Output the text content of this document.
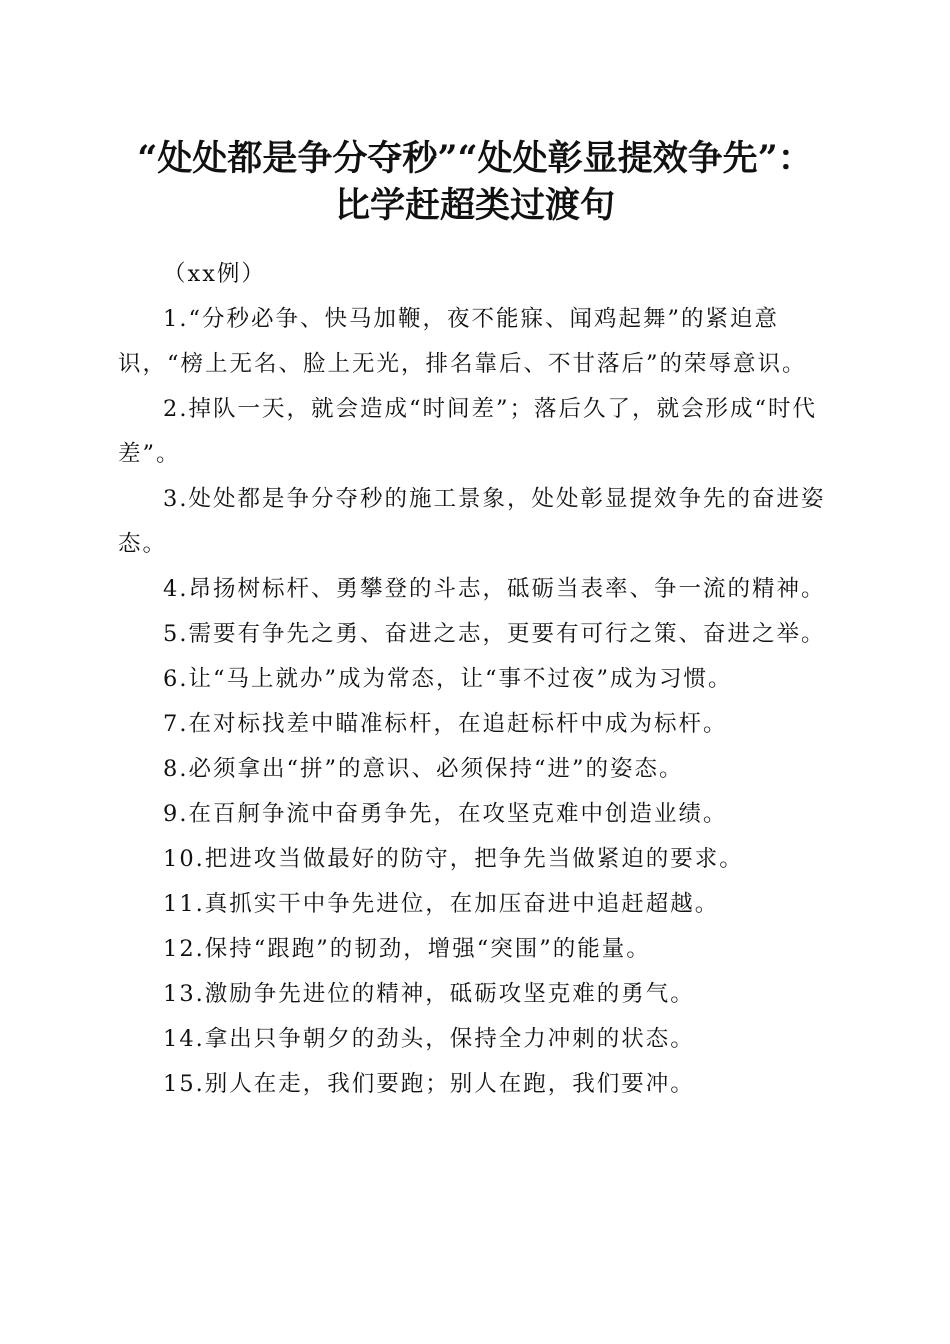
“处处都是争分夺秒”“处处彰显提效争先”：
比学赶超类过渡句

（xx例）

1.“分秒必争、快马加鞭，夜不能寐、闻鸡起舞”的紧迫意识，“榜上无名、脸上无光，排名靠后、不甘落后”的荣辱意识。

2.掉队一天，就会造成“时间差”；落后久了，就会形成“时代差”。

3.处处都是争分夺秒的施工景象，处处彰显提效争先的奋进姿态。

4.昂扬树标杆、勇攀登的斗志，砥砺当表率、争一流的精神。

5.需要有争先之勇、奋进之志，更要有可行之策、奋进之举。

6.让“马上就办”成为常态，让“事不过夜”成为习惯。

7.在对标找差中瞄准标杆，在追赶标杆中成为标杆。

8.必须拿出“拼”的意识、必须保持“进”的姿态。

9.在百舸争流中奋勇争先，在攻坚克难中创造业绩。

10.把进攻当做最好的防守，把争先当做紧迫的要求。

11.真抓实干中争先进位，在加压奋进中追赶超越。

12.保持“跟跑”的韧劲，增强“突围”的能量。

13.激励争先进位的精神，砥砺攻坚克难的勇气。

14.拿出只争朝夕的劲头，保持全力冲刺的状态。

15.别人在走，我们要跑；别人在跑，我们要冲。
